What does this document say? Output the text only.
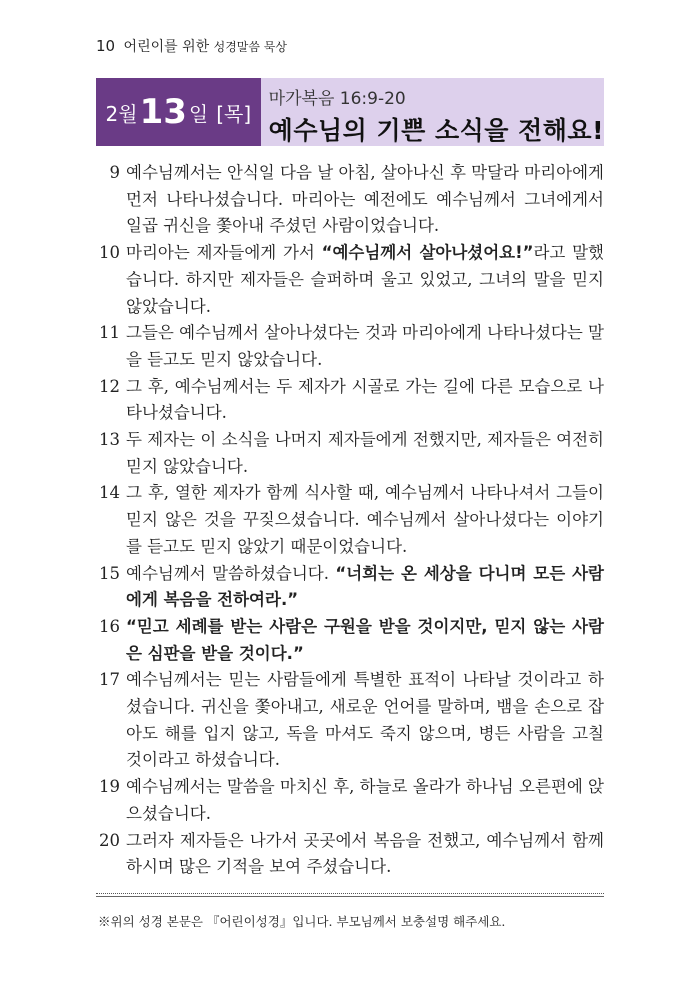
10 어린이를 위한 성경말씀 묵상
2월 13 일 [목]
마가복음 16:9-20
예수님의 기쁜 소식을 전해요!
9 예수님께서는 안식일 다음 날 아침, 살아나신 후 막달라 마리아에게 먼저 나타나셨습니다. 마리아는 예전에도 예수님께서 그녀에게서 일곱 귀신을 쫓아내 주셨던 사람이었습니다.
10 마리아는 제자들에게 가서 “예수님께서 살아나셨어요!”라고 말했습니다. 하지만 제자들은 슬퍼하며 울고 있었고, 그녀의 말을 믿지 않았습니다.
11 그들은 예수님께서 살아나셨다는 것과 마리아에게 나타나셨다는 말을 듣고도 믿지 않았습니다.
12 그 후, 예수님께서는 두 제자가 시골로 가는 길에 다른 모습으로 나타나셨습니다.
13 두 제자는 이 소식을 나머지 제자들에게 전했지만, 제자들은 여전히 믿지 않았습니다.
14 그 후, 열한 제자가 함께 식사할 때, 예수님께서 나타나셔서 그들이 믿지 않은 것을 꾸짖으셨습니다. 예수님께서 살아나셨다는 이야기를 듣고도 믿지 않았기 때문이었습니다.
15 예수님께서 말씀하셨습니다. “너희는 온 세상을 다니며 모든 사람에게 복음을 전하여라.”
16 “믿고 세례를 받는 사람은 구원을 받을 것이지만, 믿지 않는 사람은 심판을 받을 것이다.”
17 예수님께서는 믿는 사람들에게 특별한 표적이 나타날 것이라고 하셨습니다. 귀신을 쫓아내고, 새로운 언어를 말하며, 뱀을 손으로 잡아도 해를 입지 않고, 독을 마셔도 죽지 않으며, 병든 사람을 고칠 것이라고 하셨습니다.
19 예수님께서는 말씀을 마치신 후, 하늘로 올라가 하나님 오른편에 앉으셨습니다.
20 그러자 제자들은 나가서 곳곳에서 복음을 전했고, 예수님께서 함께하시며 많은 기적을 보여 주셨습니다.
※위의 성경 본문은 『어린이성경』입니다. 부모님께서 보충설명 해주세요.
